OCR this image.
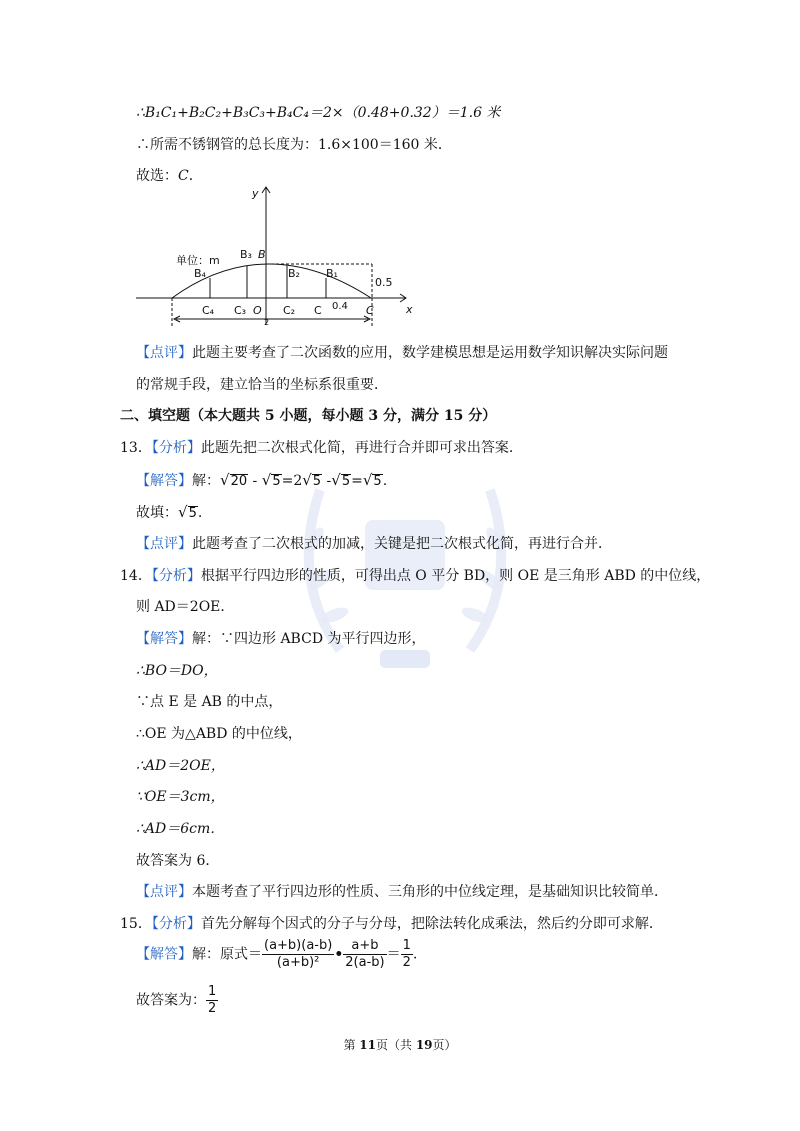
∴B₁C₁+B₂C₂+B₃C₃+B₄C₄＝2×（0.48+0.32）＝1.6 米
∴所需不锈钢管的总长度为：1.6×100＝160 米．
故选：C．
y
x
单位：m
B₄
B₃ B
B₂ B₁
C₄ C₃ O
2
C₂ C	C
0.5
0.4
【点评】此题主要考查了二次函数的应用，数学建模思想是运用数学知识解决实际问题
的常规手段，建立恰当的坐标系很重要．
二、填空题（本大题共 5 小题，每小题 3 分，满分 15 分）
13．【分析】此题先把二次根式化简，再进行合并即可求出答案．
【解答】解：√20 - √5=2√5 -√5=√5.
故填：√5.
【点评】此题考查了二次根式的加减，关键是把二次根式化简，再进行合并．
14．【分析】根据平行四边形的性质，可得出点 O 平分 BD，则 OE 是三角形 ABD 的中位线，
则 AD＝2OE．
【解答】解：∵四边形 ABCD 为平行四边形，
∴BO＝DO，
∵点 E 是 AB 的中点，
∴OE 为△ABD 的中位线，
∴AD＝2OE，
∵OE＝3cm，
∴AD＝6cm．
故答案为 6．
【点评】本题考查了平行四边形的性质、三角形的中位线定理，是基础知识比较简单．
15．【分析】首先分解每个因式的分子与分母，把除法转化成乘法，然后约分即可求解．
【解答】解：原式＝ $\frac{(a+b)(a-b)}{\text{(a+b)²}}$ • $\frac{a+b}{2(a-b)} = \frac{1}{2}$ .
故答案为： $\frac{1}{2}$
第 11页（共 19页）
